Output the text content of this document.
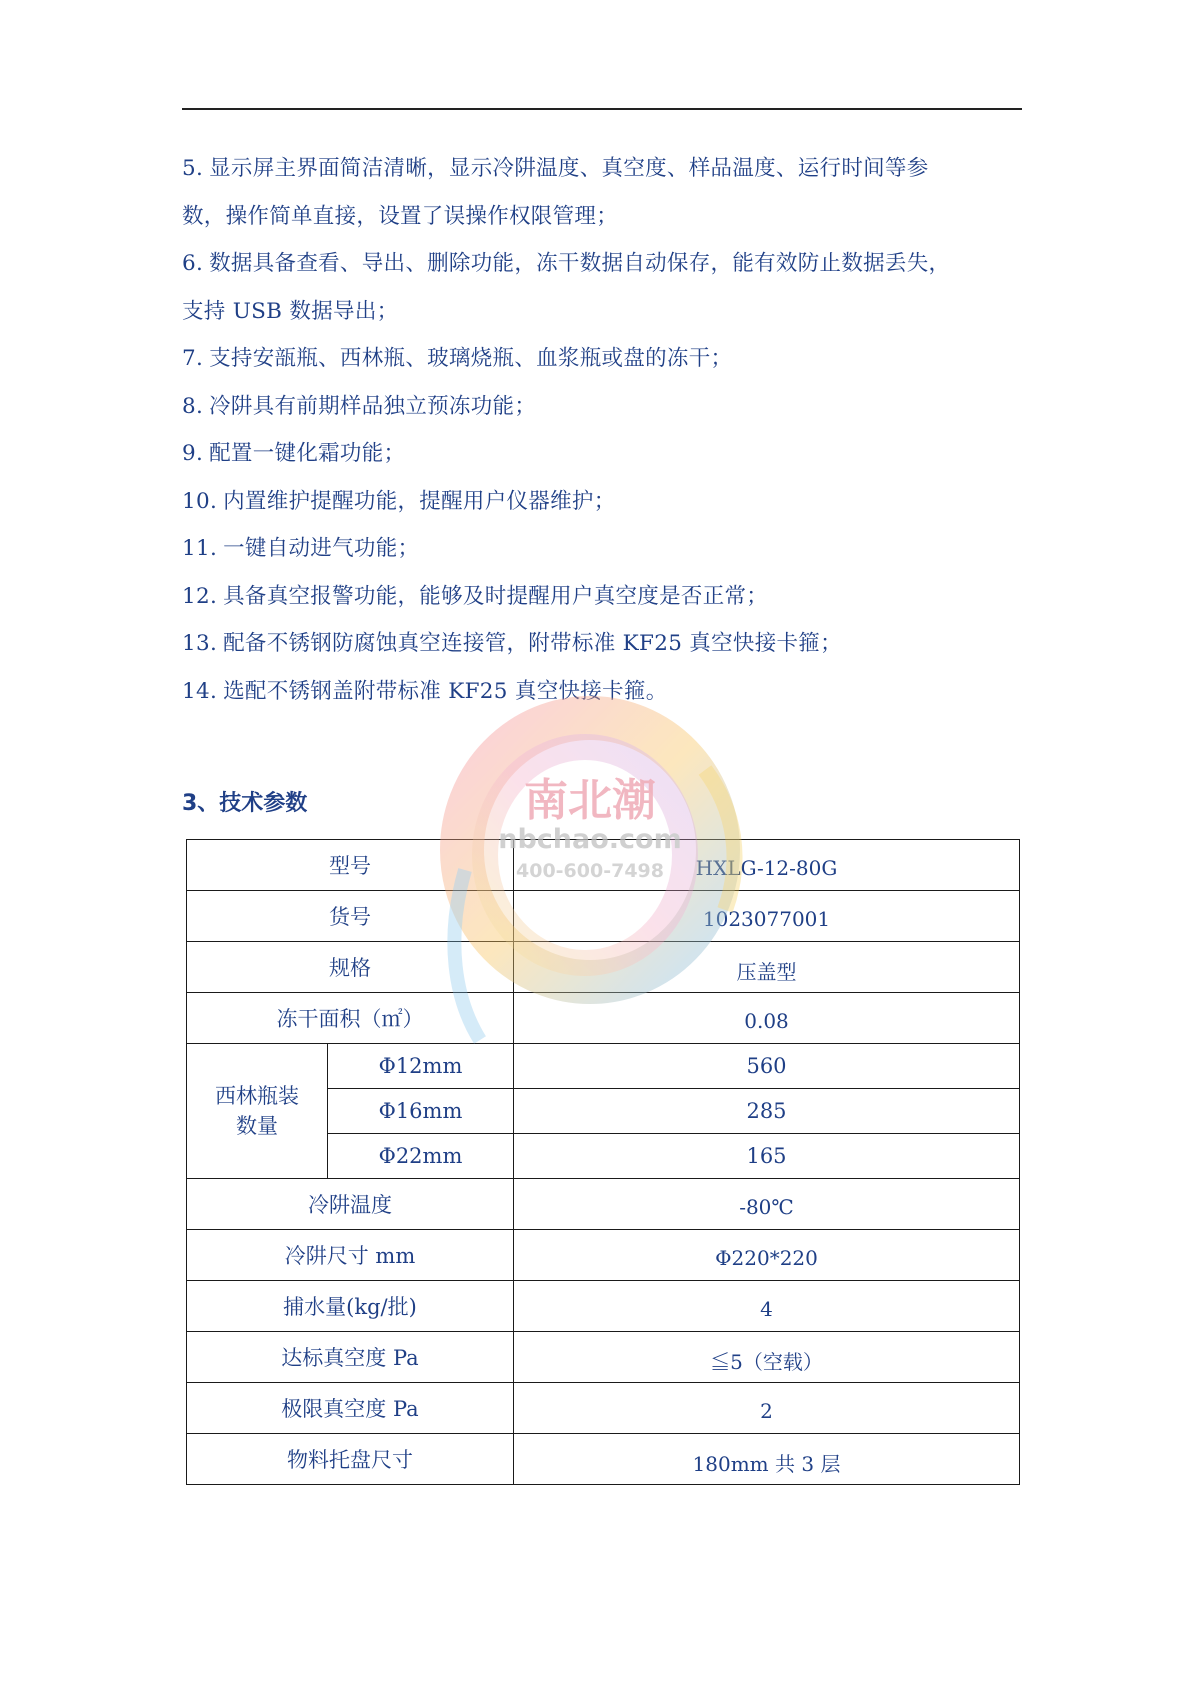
5. 显示屏主界面简洁清晰，显示冷阱温度、真空度、样品温度、运行时间等参
数，操作简单直接，设置了误操作权限管理；
6. 数据具备查看、导出、删除功能，冻干数据自动保存，能有效防止数据丢失，
支持 USB 数据导出；
7. 支持安瓿瓶、西林瓶、玻璃烧瓶、血浆瓶或盘的冻干；
8. 冷阱具有前期样品独立预冻功能；
9. 配置一键化霜功能；
10. 内置维护提醒功能，提醒用户仪器维护；
11. 一键自动进气功能；
12. 具备真空报警功能，能够及时提醒用户真空度是否正常；
13. 配备不锈钢防腐蚀真空连接管，附带标准 KF25 真空快接卡箍；
14. 选配不锈钢盖附带标准 KF25 真空快接卡箍。
3、技术参数
型号		HXLG-12-80G
货号		1023077001
规格		压盖型
冻干面积（㎡）		0.08

西林瓶装
数量	Φ12mm	560
	Φ16mm	285
	Φ22mm	165
冷阱温度		-80℃
冷阱尺寸 mm		Φ220*220
捕水量(kg/批)		4
达标真空度 Pa		≦5（空载）
极限真空度 Pa		2
物料托盘尺寸		180mm 共 3 层
南北潮
nbchao.com
400-600-7498
